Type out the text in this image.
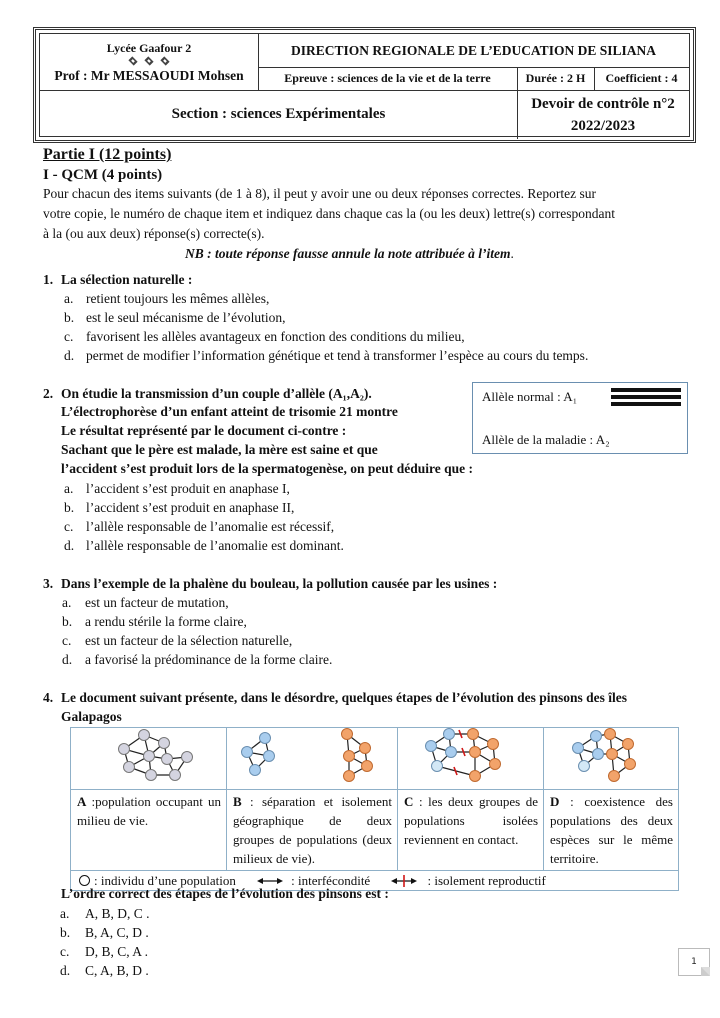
Lycée Gaafour 2
Prof : Mr MESSAOUDI Mohsen
DIRECTION REGIONALE DE L’EDUCATION DE SILIANA
Epreuve : sciences de la vie et de la terre	Durée : 2 H	Coefficient : 4
Section : sciences Expérimentales
Devoir de contrôle n°2
2022/2023
Partie I (12 points)
I - QCM (4 points)
Pour chacun des items suivants (de 1 à 8), il peut y avoir une ou deux réponses correctes. Reportez sur
votre copie, le numéro de chaque item et indiquez dans chaque cas la (ou les deux) lettre(s) correspondant
à la (ou aux deux) réponse(s) correcte(s).
NB : toute réponse fausse annule la note attribuée à l’item.
1. La sélection naturelle :
a. retient toujours les mêmes allèles,
b. est le seul mécanisme de l’évolution,
c. favorisent les allèles avantageux en fonction des conditions du milieu,
d. permet de modifier l’information génétique et tend à transformer l’espèce au cours du temps.
2. On étudie la transmission d’un couple d’allèle (A₁,A₂).
L’électrophorèse d’un enfant atteint de trisomie 21 montre
Le résultat représenté par le document ci-contre :
Sachant que le père est malade, la mère est saine et que
l’accident s’est produit lors de la spermatogenèse, on peut déduire que :
Allèle normal : A₁
Allèle de la maladie : A₂
a. l’accident s’est produit en anaphase I,
b. l’accident s’est produit en anaphase II,
c. l’allèle responsable de l’anomalie est récessif,
d. l’allèle responsable de l’anomalie est dominant.
3. Dans l’exemple de la phalène du bouleau, la pollution causée par les usines :
a. est un facteur de mutation,
b. a rendu stérile la forme claire,
c. est un facteur de la sélection naturelle,
d. a favorisé la prédominance de la forme claire.
4. Le document suivant présente, dans le désordre, quelques étapes de l’évolution des pinsons des îles
Galapagos

A :population occupant un milieu de vie.	B : séparation et isolement géographique de deux groupes de populations (deux milieux de vie).	C : les deux groupes de populations isolées reviennent en contact.	D : coexistence des populations des deux espèces sur le même territoire.
: individu d’une population : interfécondité : isolement reproductif			
L’ordre correct des étapes de l’évolution des pinsons est :
a. A, B, D, C .
b. B, A, C, D .
c. D, B, C, A .
d. C, A, B, D .
1
